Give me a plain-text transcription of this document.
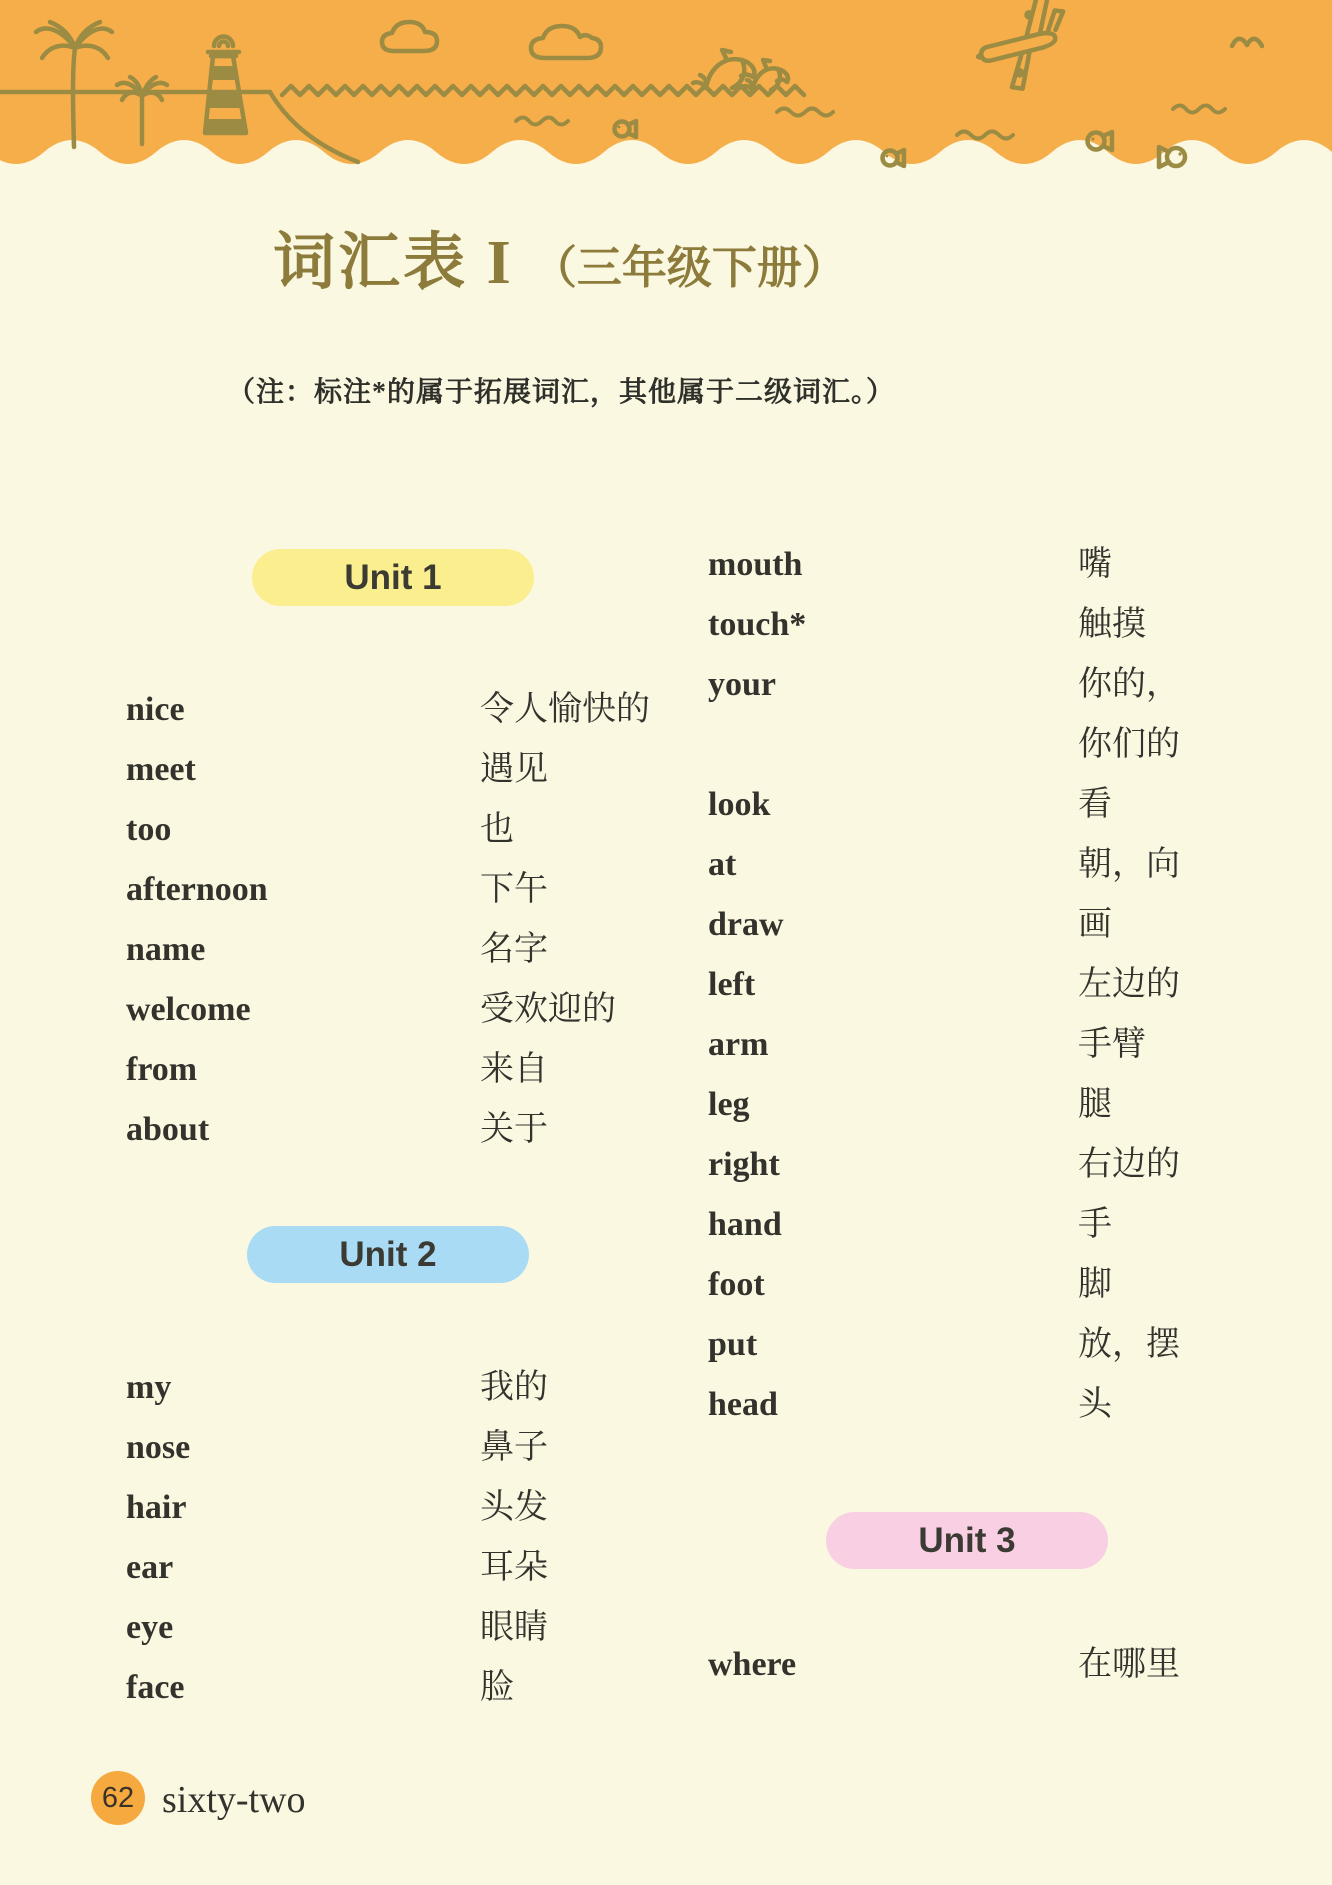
词汇表 I （三年级下册）
（注：标注*的属于拓展词汇，其他属于二级词汇。）
Unit 1
Unit 2
Unit 3
nice	令人愉快的
meet	遇见
too	也
afternoon	下午
name	名字
welcome	受欢迎的
from	来自
about	关于
my	我的
nose	鼻子
hair	头发
ear	耳朵
eye	眼睛
face	脸
mouth	嘴
touch*	触摸
your	你的，
你们的
look	看
at	朝，向
draw	画
left	左边的
arm	手臂
leg	腿
right	右边的
hand	手
foot	脚
put	放，摆
head	头
where	在哪里
62 sixty-two
